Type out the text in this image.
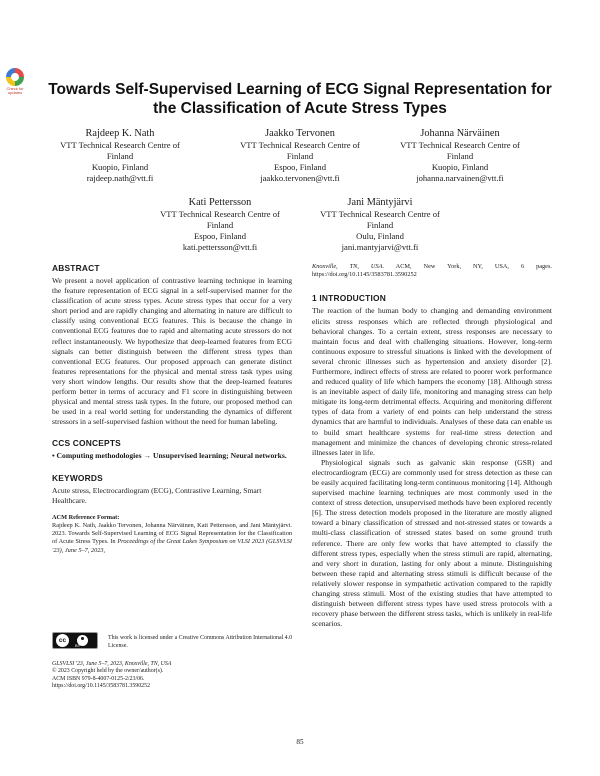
Check for updates	Towards Self-Supervised Learning of ECG Signal Representation for the Classification of Acute Stress Types
Rajdeep K. Nath
VTT Technical Research Centre of
Finland
Kuopio, Finland
rajdeep.nath@vtt.fi
Jaakko Tervonen
VTT Technical Research Centre of
Finland
Espoo, Finland
jaakko.tervonen@vtt.fi
Johanna Närväinen
VTT Technical Research Centre of
Finland
Kuopio, Finland
johanna.narvainen@vtt.fi
Kati Pettersson
VTT Technical Research Centre of
Finland
Espoo, Finland
kati.pettersson@vtt.fi
Jani Mäntyjärvi
VTT Technical Research Centre of
Finland
Oulu, Finland
jani.mantyjarvi@vtt.fi
ABSTRACT

We present a novel application of contrastive learning technique in learning the feature representation of ECG signal in a self-supervised manner for the classification of acute stress types. Acute stress types that occur for a very short period and are rapidly changing and alternating in nature are difficult to classify using conventional ECG features. This is because the change in conventional ECG features due to rapid and alternating acute stressors do not reflect instantaneously. We hypothesize that deep-learned features from ECG signals can better distinguish between the different stress types than conventional ECG features. Our proposed approach can generate distinct features representations for the physical and mental stress task types using very short window lengths. Our results show that the deep-learned features perform better in terms of accuracy and F1 score in distinguishing between physical and mental stress task types. In the future, our proposed method can be used in a real world setting for understanding the dynamics of different stressors in a self-supervised fashion without the need for human labeling.

CCS CONCEPTS

• Computing methodologies → Unsupervised learning; Neural networks.

KEYWORDS

Acute stress, Electrocardiogram (ECG), Contrastive Learning, Smart Healthcare.

ACM Reference Format:

Rajdeep K. Nath, Jaakko Tervonen, Johanna Närväinen, Kati Pettersson, and Jani Mäntyjärvi. 2023. Towards Self-Supervised Learning of ECG Signal Representation for the Classification of Acute Stress Types. In Proceedings of the Great Lakes Symposium on VLSI 2023 (GLSVLSI '23), June 5–7, 2023,

cc
BY
This work is licensed under a Creative Commons Attribution International 4.0 License.
GLSVLSI '23, June 5–7, 2023, Knoxville, TN, USA
© 2023 Copyright held by the owner/author(s).
ACM ISBN 979-8-4007-0125-2/23/06.
https://doi.org/10.1145/3583781.3590252

Knoxville, TN, USA. ACM, New York, NY, USA, 6 pages. https://doi.org/10.1145/3583781.3590252

1 INTRODUCTION

The reaction of the human body to changing and demanding environment elicits stress responses which are reflected through physiological and behavioral changes. To a certain extent, stress responses are necessary to maintain focus and deal with challenging situations. However, long-term continuous exposure to stressful situations is linked with the development of several chronic illnesses such as hypertension and anxiety disorder [2]. Furthermore, indirect effects of stress are related to poorer work performance and reduced quality of life which hampers the economy [18]. Although stress is an inevitable aspect of daily life, monitoring and managing stress can help mitigate its long-term detrimental effects. Acquiring and monitoring different types of data from a variety of end points can help understand the stress dynamics that are harmful to individuals. Analyses of these data can enable us to build smart healthcare systems for real-time stress detection and management and minimize the chances of developing chronic stress-related illnesses later in life.

Physiological signals such as galvanic skin response (GSR) and electrocardiogram (ECG) are commonly used for stress detection as these can be easily acquired facilitating long-term continuous monitoring [14]. Although supervised machine learning techniques are most commonly used in the context of stress detection, unsupervised methods have been explored recently [6]. The stress detection models proposed in the literature are mostly aligned toward a binary classification of stressed and not-stressed states or towards a multi-class classification of stressed states based on some ground truth reference. There are only few works that have attempted to classify the different stress types, especially when the stress stimuli are rapid, alternating, and very short in duration, lasting for only about a minute. Distinguishing between these rapid and alternating stress stimuli is difficult because of the relatively slower response in sympathetic activation compared to the rapidly changing stress stimuli. Most of the existing studies that have attempted to distinguish between different stress types have used stress protocols with a recovery phase between the different stress tasks, which is unlikely in real-life scenarios.

85
